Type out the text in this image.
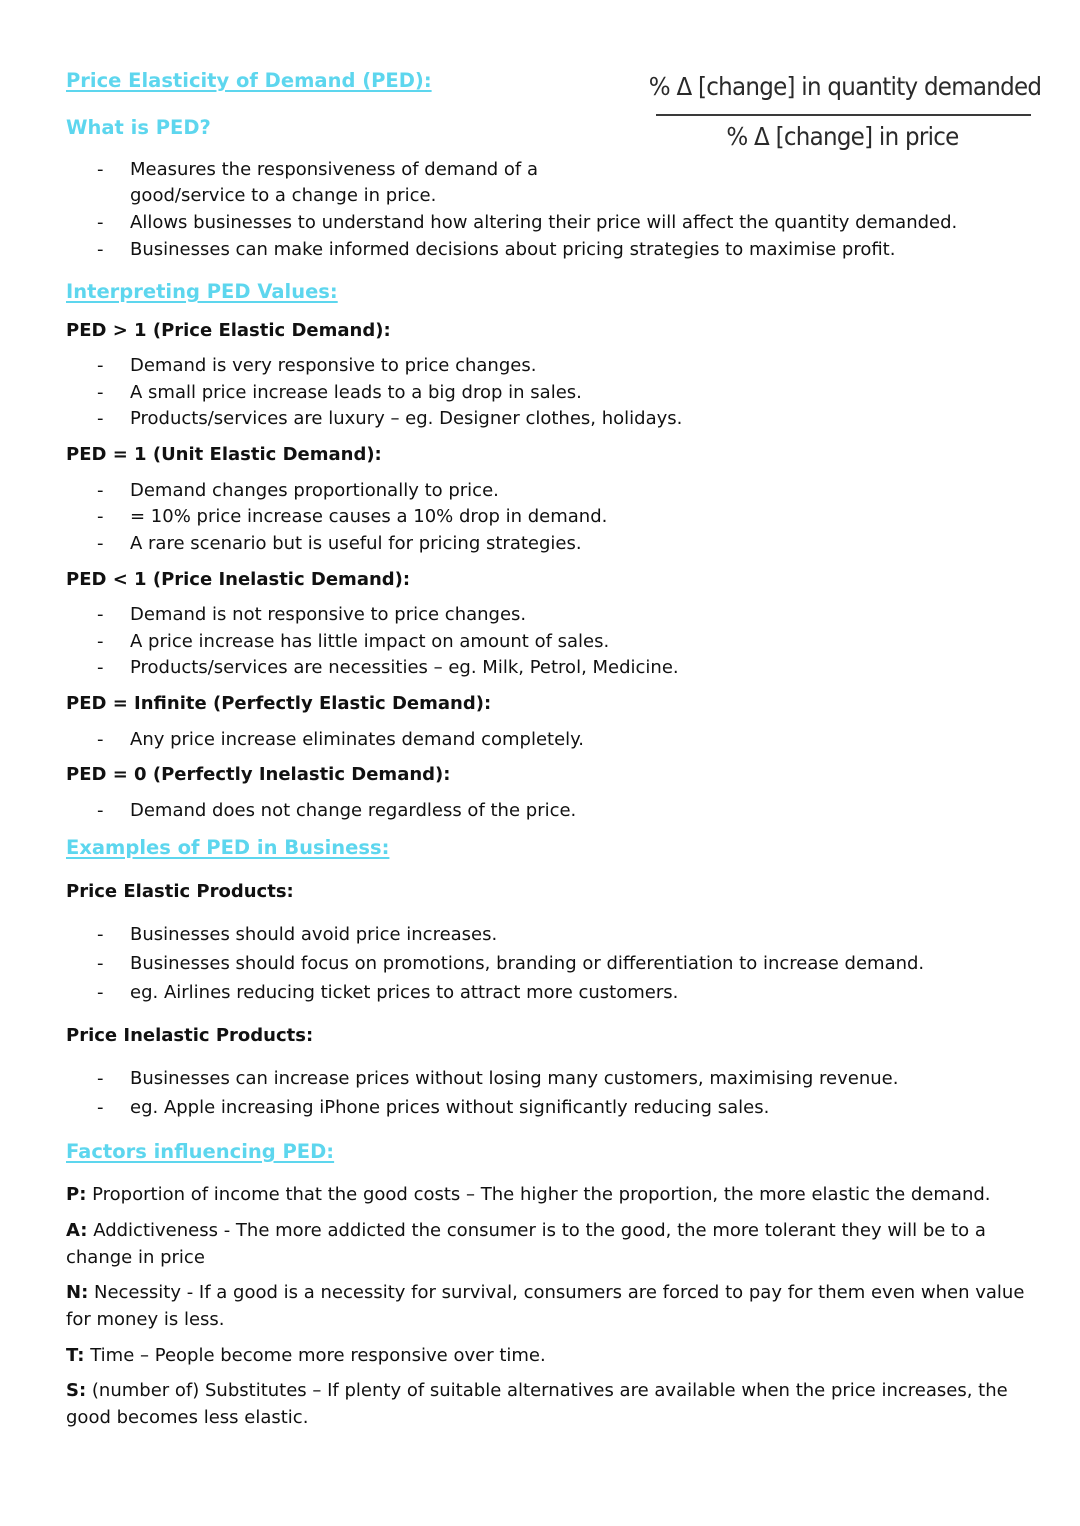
Price Elasticity of Demand (PED):	% Δ [change] in quantity demanded
% Δ [change] in price
What is PED?
- Measures the responsiveness of demand of a
good/service to a change in price.
- Allows businesses to understand how altering their price will affect the quantity demanded.
- Businesses can make informed decisions about pricing strategies to maximise profit.
Interpreting PED Values:
PED > 1 (Price Elastic Demand):
- Demand is very responsive to price changes.
- A small price increase leads to a big drop in sales.
- Products/services are luxury – eg. Designer clothes, holidays.
PED = 1 (Unit Elastic Demand):
- Demand changes proportionally to price.
- = 10% price increase causes a 10% drop in demand.
- A rare scenario but is useful for pricing strategies.
PED < 1 (Price Inelastic Demand):
- Demand is not responsive to price changes.
- A price increase has little impact on amount of sales.
- Products/services are necessities – eg. Milk, Petrol, Medicine.
PED = Infinite (Perfectly Elastic Demand):
- Any price increase eliminates demand completely.
PED = 0 (Perfectly Inelastic Demand):
- Demand does not change regardless of the price.
Examples of PED in Business:
Price Elastic Products:
- Businesses should avoid price increases.
- Businesses should focus on promotions, branding or differentiation to increase demand.
- eg. Airlines reducing ticket prices to attract more customers.
Price Inelastic Products:
- Businesses can increase prices without losing many customers, maximising revenue.
- eg. Apple increasing iPhone prices without significantly reducing sales.
Factors influencing PED:
P: Proportion of income that the good costs – The higher the proportion, the more elastic the demand.
A: Addictiveness - The more addicted the consumer is to the good, the more tolerant they will be to a change in price
N: Necessity - If a good is a necessity for survival, consumers are forced to pay for them even when value for money is less.
T: Time – People become more responsive over time.
S: (number of) Substitutes – If plenty of suitable alternatives are available when the price increases, the good becomes less elastic.
